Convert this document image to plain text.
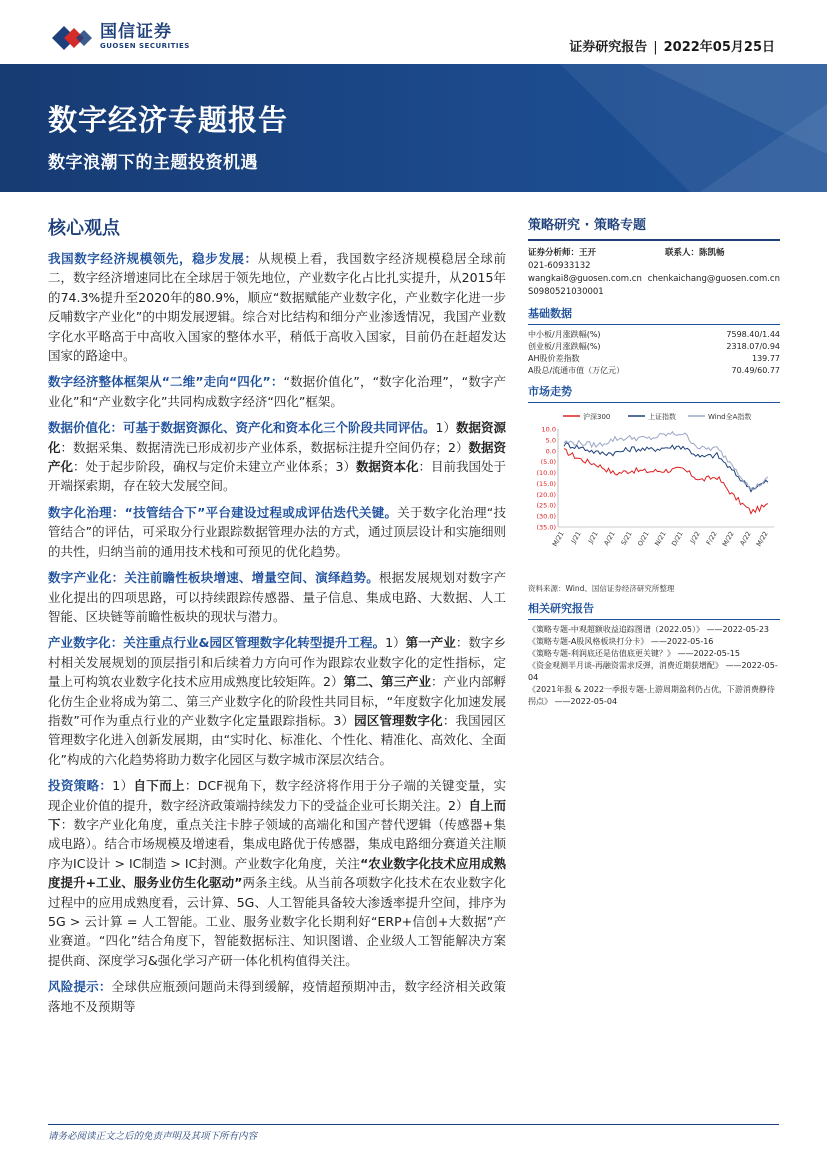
国信证券
GUOSEN SECURITIES	证券研究报告 | 2022年05月25日
数字经济专题报告
数字浪潮下的主题投资机遇
核心观点

我国数字经济规模领先，稳步发展：从规模上看，我国数字经济规模稳居全球前二，数字经济增速同比在全球居于领先地位，产业数字化占比扎实提升，从2015年的74.3%提升至2020年的80.9%，顺应“数据赋能产业数字化，产业数字化进一步反哺数字产业化”的中期发展逻辑。综合对比结构和细分产业渗透情况，我国产业数字化水平略高于中高收入国家的整体水平，稍低于高收入国家，目前仍在赶超发达国家的路途中。

数字经济整体框架从“二维”走向“四化”：“数据价值化”，“数字化治理”，“数字产业化”和“产业数字化”共同构成数字经济“四化”框架。

数据价值化：可基于数据资源化、资产化和资本化三个阶段共同评估。1）数据资源化：数据采集、数据清洗已形成初步产业体系，数据标注提升空间仍存；2）数据资产化：处于起步阶段，确权与定价未建立产业体系；3）数据资本化：目前我国处于开端探索期，存在较大发展空间。

数字化治理：“技管结合下”平台建设过程或成评估迭代关键。关于数字化治理“技管结合”的评估，可采取分行业跟踪数据管理办法的方式，通过顶层设计和实施细则的共性，归纳当前的通用技术栈和可预见的优化趋势。

数字产业化：关注前瞻性板块增速、增量空间、演绎趋势。根据发展规划对数字产业化提出的四项思路，可以持续跟踪传感器、量子信息、集成电路、大数据、人工智能、区块链等前瞻性板块的现状与潜力。

产业数字化：关注重点行业&园区管理数字化转型提升工程。1）第一产业：数字乡村相关发展规划的顶层指引和后续着力方向可作为跟踪农业数字化的定性指标，定量上可构筑农业数字化技术应用成熟度比较矩阵。2）第二、第三产业：产业内部孵化仿生企业将成为第二、第三产业数字化的阶段性共同目标，“年度数字化加速发展指数”可作为重点行业的产业数字化定量跟踪指标。3）园区管理数字化：我国园区管理数字化进入创新发展期，由“实时化、标准化、个性化、精准化、高效化、全面化”构成的六化趋势将助力数字化园区与数字城市深层次结合。

投资策略：1）自下而上：DCF视角下，数字经济将作用于分子端的关键变量，实现企业价值的提升，数字经济政策端持续发力下的受益企业可长期关注。2）自上而下：数字产业化角度，重点关注卡脖子领域的高端化和国产替代逻辑（传感器+集成电路）。结合市场规模及增速看，集成电路优于传感器，集成电路细分赛道关注顺序为IC设计 > IC制造 > IC封测。产业数字化角度，关注“农业数字化技术应用成熟度提升+工业、服务业仿生化驱动”两条主线。从当前各项数字化技术在农业数字化过程中的应用成熟度看，云计算、5G、人工智能具备较大渗透率提升空间，排序为5G > 云计算 = 人工智能。工业、服务业数字化长期利好“ERP+信创+大数据”产业赛道。“四化”结合角度下，智能数据标注、知识图谱、企业级人工智能解决方案提供商、深度学习&强化学习产研一体化机构值得关注。

风险提示：全球供应瓶颈问题尚未得到缓解，疫情超预期冲击，数字经济相关政策落地不及预期等

策略研究 · 策略专题
证券分析师：王开	联系人：陈凯畅
021-60933132
wangkai8@guosen.com.cn chenkaichang@guosen.com.cn
S0980521030001
基础数据
中小板/月涨跌幅(%)	7598.40/1.44
创业板/月涨跌幅(%)	2318.07/0.94
AH股价差指数	139.77
A股总/流通市值（万亿元）	70.49/60.77
市场走势
沪深300	上证指数	Wind全A指数
10.0
5.0
0.0
(5.0)
(10.0)
(15.0)
(20.0)
(25.0)
(30.0)
(35.0)
M/21 J/21 J/21 A/21 S/21 O/21 N/21 D/21 J/22 F/22 M/22 A/22 M/22
资料来源：Wind、国信证券经济研究所整理
相关研究报告
《策略专题-中观超额收益追踪图谱（2022.05）》 ——2022-05-23
《策略专题-A股风格板块打分卡》 ——2022-05-16
《策略专题-利润底还是估值底更关键？》 ——2022-05-15
《资金观测半月谈-再融资需求反弹，消费近期获增配》 ——2022-05-04
《2021年报 & 2022一季报专题-上游周期盈利仍占优，下游消费静待拐点》 ——2022-05-04
请务必阅读正文之后的免责声明及其项下所有内容
